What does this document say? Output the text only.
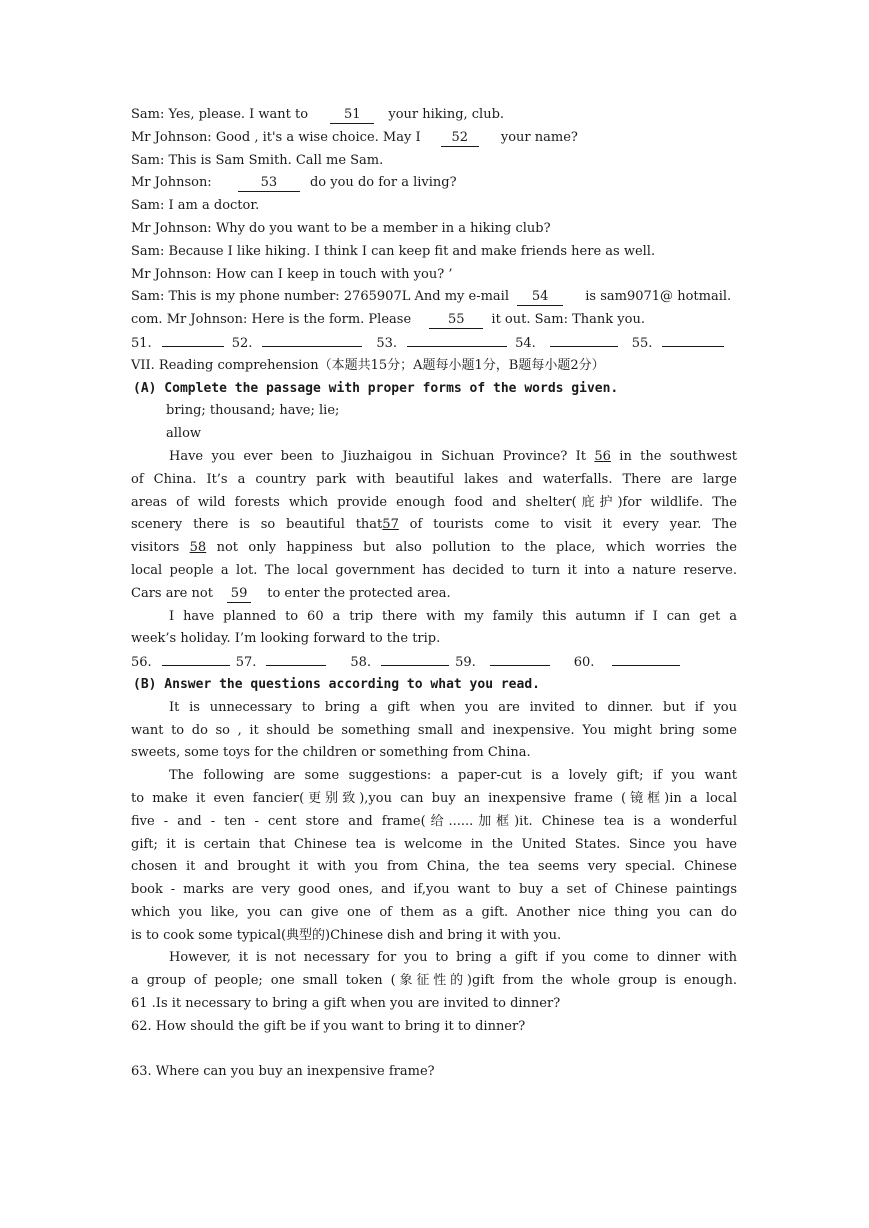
Sam: Yes, please. I want to	51 your hiking, club.
Mr Johnson: Good , it's a wise choice. May I 52	your name?
Sam: This is Sam Smith. Call me Sam.
Mr Johnson:	53	do you do for a living?
Sam: I am a doctor.
Mr Johnson: Why do you want to be a member in a hiking club?
Sam: Because I like hiking. I think I can keep fit and make friends here as well.
Mr Johnson: How can I keep in touch with you? ’
Sam: This is my phone number: 2765907L And my e-mail 54	is sam9071@ hotmail.
com. Mr Johnson: Here is the form. Please	55 it out. Sam: Thank you.
51.	52.	53.	54.	55.
VII. Reading comprehension（本题共15分；A题每小题1分，B题每小题2分）
(A) Complete the passage with proper forms of the words given.
bring; thousand; have; lie;
allow
Have you ever been to Jiuzhaigou in Sichuan Province? It 56 in the southwest
of China. It’s a country park with beautiful lakes and waterfalls. There are large
areas of wild forests which provide enough food and shelter(庇护)for wildlife. The
scenery there is so beautiful that57 of tourists come to visit it every year. The
visitors 58 not only happiness but also pollution to the place, which worries the
local people a lot. The local government has decided to turn it into a nature reserve.
Cars are not 59 to enter the protected area.
I have planned to 60 a trip there with my family this autumn if I can get a
week’s holiday. I’m looking forward to the trip.
56.	57.	58.	59.	60.
(B) Answer the questions according to what you read.
It is unnecessary to bring a gift when you are invited to dinner. but if you
want to do so , it should be something small and inexpensive. You might bring some
sweets, some toys for the children or something from China.
The following are some suggestions: a paper-cut is a lovely gift; if you want
to make it even fancier(更别致),you can buy an inexpensive frame (镜框)in a local
five - and - ten - cent store and frame(给......加框)it. Chinese tea is a wonderful
gift; it is certain that Chinese tea is welcome in the United States. Since you have
chosen it and brought it with you from China, the tea seems very special. Chinese
book - marks are very good ones, and if,you want to buy a set of Chinese paintings
which you like, you can give one of them as a gift. Another nice thing you can do
is to cook some typical(典型的)Chinese dish and bring it with you.
However, it is not necessary for you to bring a gift if you come to dinner with
a group of people; one small token (象征性的)gift from the whole group is enough.
61 .Is it necessary to bring a gift when you are invited to dinner?
62. How should the gift be if you want to bring it to dinner?
63. Where can you buy an inexpensive frame?
